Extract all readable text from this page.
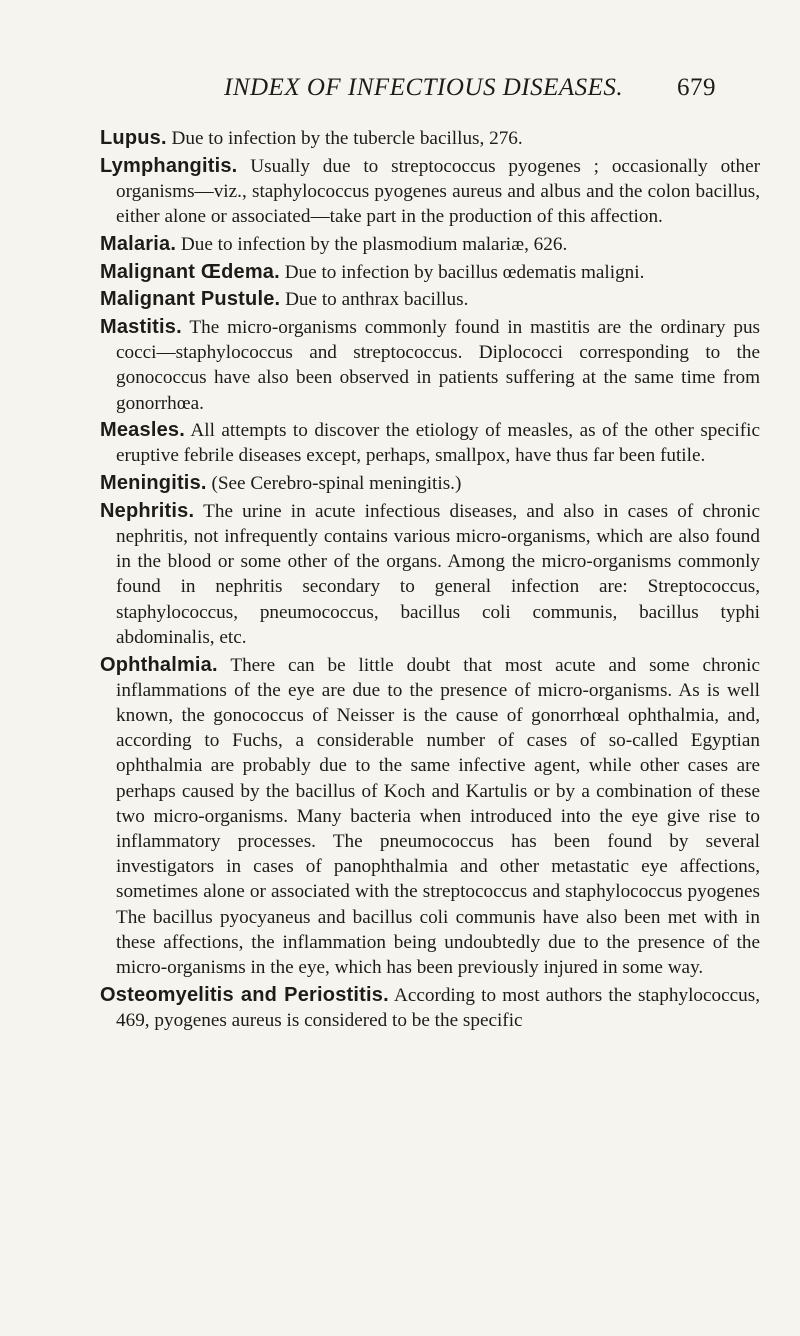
INDEX OF INFECTIOUS DISEASES. 679

Lupus. Due to infection by the tubercle bacillus, 276.

Lymphangitis. Usually due to streptococcus pyogenes ; occasionally other organisms—viz., staphylococcus pyogenes aureus and albus and the colon bacillus, either alone or associated—take part in the production of this affection.

Malaria. Due to infection by the plasmodium malariæ, 626.

Malignant Œdema. Due to infection by bacillus œdematis maligni.

Malignant Pustule. Due to anthrax bacillus.

Mastitis. The micro-organisms commonly found in mastitis are the ordinary pus cocci—staphylococcus and streptococcus. Diplococci corresponding to the gonococcus have also been observed in patients suffering at the same time from gonorrhœa.

Measles. All attempts to discover the etiology of measles, as of the other specific eruptive febrile diseases except, perhaps, smallpox, have thus far been futile.

Meningitis. (See Cerebro-spinal meningitis.)

Nephritis. The urine in acute infectious diseases, and also in cases of chronic nephritis, not infrequently contains various micro-organisms, which are also found in the blood or some other of the organs. Among the micro-organisms commonly found in nephritis secondary to general infection are: Streptococcus, staphylococcus, pneumococcus, bacillus coli communis, bacillus typhi abdominalis, etc.

Ophthalmia. There can be little doubt that most acute and some chronic inflammations of the eye are due to the presence of micro-organisms. As is well known, the gonococcus of Neisser is the cause of gonorrhœal ophthalmia, and, according to Fuchs, a considerable number of cases of so-called Egyptian ophthalmia are probably due to the same infective agent, while other cases are perhaps caused by the bacillus of Koch and Kartulis or by a combination of these two micro-organisms. Many bacteria when introduced into the eye give rise to inflammatory processes. The pneumococcus has been found by several investigators in cases of panophthalmia and other metastatic eye affections, sometimes alone or associated with the streptococcus and staphylococcus pyogenes The bacillus pyocyaneus and bacillus coli communis have also been met with in these affections, the inflammation being undoubtedly due to the presence of the micro-organisms in the eye, which has been previously injured in some way.

Osteomyelitis and Periostitis. According to most authors the staphylococcus, 469, pyogenes aureus is considered to be the specific
